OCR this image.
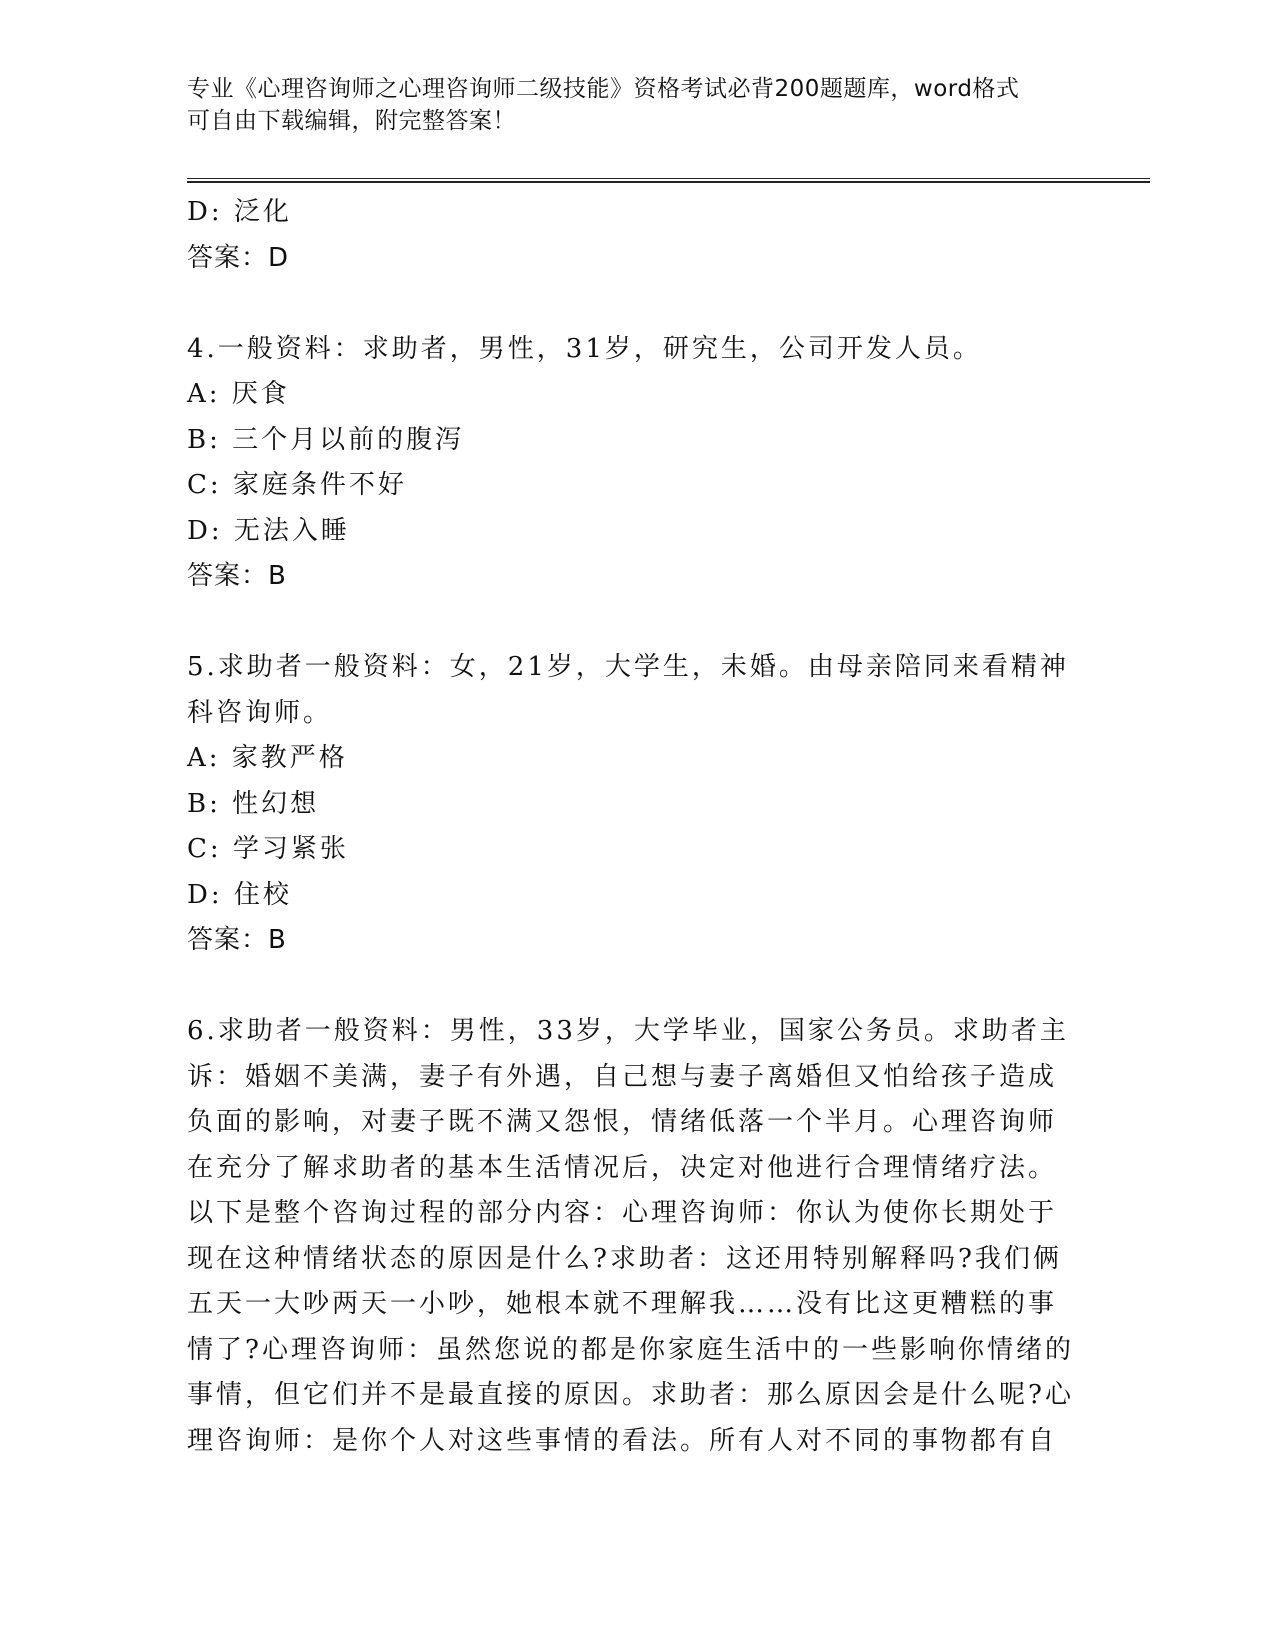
专业《心理咨询师之心理咨询师二级技能》资格考试必背200题题库，word格式
可自由下载编辑，附完整答案！
D: 泛化
答案：D
4.一般资料：求助者，男性，31岁，研究生，公司开发人员。
A: 厌食
B: 三个月以前的腹泻
C: 家庭条件不好
D: 无法入睡
答案：B
5.求助者一般资料：女，21岁，大学生，未婚。由母亲陪同来看精神
科咨询师。
A: 家教严格
B: 性幻想
C: 学习紧张
D: 住校
答案：B
6.求助者一般资料：男性，33岁，大学毕业，国家公务员。求助者主
诉：婚姻不美满，妻子有外遇，自己想与妻子离婚但又怕给孩子造成
负面的影响，对妻子既不满又怨恨，情绪低落一个半月。心理咨询师
在充分了解求助者的基本生活情况后，决定对他进行合理情绪疗法。
以下是整个咨询过程的部分内容：心理咨询师：你认为使你长期处于
现在这种情绪状态的原因是什么?求助者：这还用特别解释吗?我们俩
五天一大吵两天一小吵，她根本就不理解我……没有比这更糟糕的事
情了?心理咨询师：虽然您说的都是你家庭生活中的一些影响你情绪的
事情，但它们并不是最直接的原因。求助者：那么原因会是什么呢?心
理咨询师：是你个人对这些事情的看法。所有人对不同的事物都有自
